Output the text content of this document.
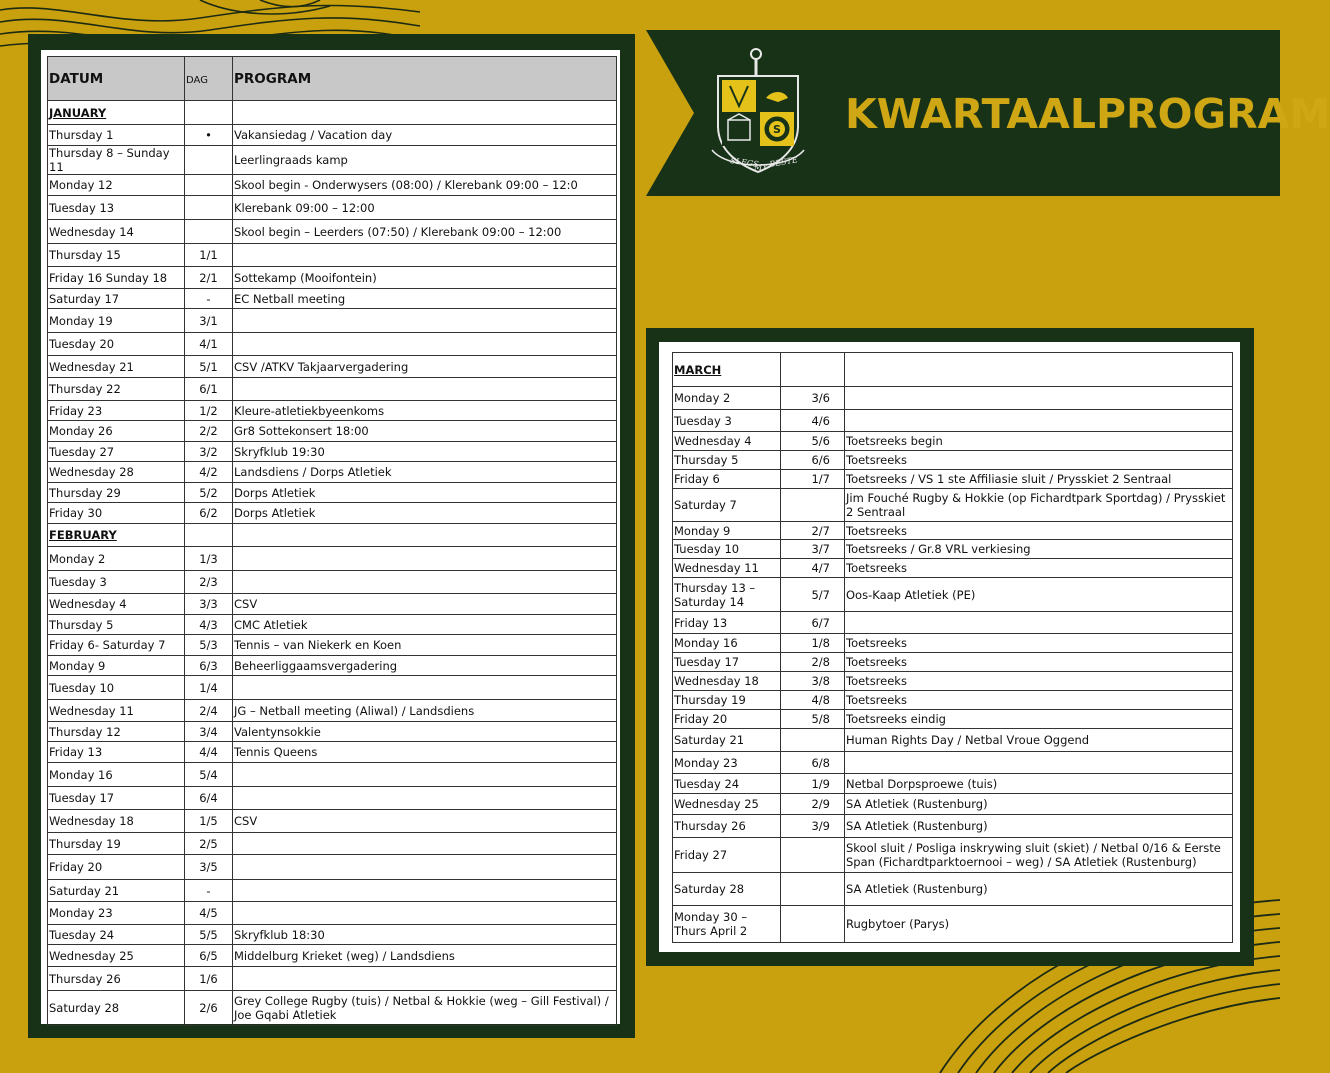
KWARTAALPROGRAM
S
SLEGS
MY BESTE
DATUM	DAG	PROGRAM
JANUARY		
Thursday 1	•	Vakansiedag / Vacation day
Thursday 8 – Sunday 11		Leerlingraads kamp
Monday 12		Skool begin - Onderwysers (08:00) / Klerebank 09:00 – 12:0
Tuesday 13		Klerebank 09:00 – 12:00
Wednesday 14		Skool begin – Leerders (07:50) / Klerebank 09:00 – 12:00
Thursday 15	1/1	
Friday 16 Sunday 18	2/1	Sottekamp (Mooifontein)
Saturday 17	-	EC Netball meeting
Monday 19	3/1	
Tuesday 20	4/1	
Wednesday 21	5/1	CSV /ATKV Takjaarvergadering
Thursday 22	6/1	
Friday 23	1/2	Kleure-atletiekbyeenkoms
Monday 26	2/2	Gr8 Sottekonsert 18:00
Tuesday 27	3/2	Skryfklub 19:30
Wednesday 28	4/2	Landsdiens / Dorps Atletiek
Thursday 29	5/2	Dorps Atletiek
Friday 30	6/2	Dorps Atletiek
FEBRUARY		
Monday 2	1/3	
Tuesday 3	2/3	
Wednesday 4	3/3	CSV
Thursday 5	4/3	CMC Atletiek
Friday 6- Saturday 7	5/3	Tennis – van Niekerk en Koen
Monday 9	6/3	Beheerliggaamsvergadering
Tuesday 10	1/4	
Wednesday 11	2/4	JG – Netball meeting (Aliwal) / Landsdiens
Thursday 12	3/4	Valentynsokkie
Friday 13	4/4	Tennis Queens
Monday 16	5/4	
Tuesday 17	6/4	
Wednesday 18	1/5	CSV
Thursday 19	2/5	
Friday 20	3/5	
Saturday 21	-	
Monday 23	4/5	
Tuesday 24	5/5	Skryfklub 18:30
Wednesday 25	6/5	Middelburg Krieket (weg) / Landsdiens
Thursday 26	1/6	
Saturday 28	2/6	Grey College Rugby (tuis) / Netbal & Hokkie (weg – Gill Festival) / Joe Gqabi Atletiek
MARCH		
Monday 2	3/6	
Tuesday 3	4/6	
Wednesday 4	5/6	Toetsreeks begin
Thursday 5	6/6	Toetsreeks
Friday 6	1/7	Toetsreeks / VS 1 ste Affiliasie sluit / Prysskiet 2 Sentraal
Saturday 7		Jim Fouché Rugby & Hokkie (op Fichardtpark Sportdag) / Prysskiet 2 Sentraal
Monday 9	2/7	Toetsreeks
Tuesday 10	3/7	Toetsreeks / Gr.8 VRL verkiesing
Wednesday 11	4/7	Toetsreeks
Thursday 13 – Saturday 14	5/7	Oos-Kaap Atletiek (PE)
Friday 13	6/7	
Monday 16	1/8	Toetsreeks
Tuesday 17	2/8	Toetsreeks
Wednesday 18	3/8	Toetsreeks
Thursday 19	4/8	Toetsreeks
Friday 20	5/8	Toetsreeks eindig
Saturday 21		Human Rights Day / Netbal Vroue Oggend
Monday 23	6/8	
Tuesday 24	1/9	Netbal Dorpsproewe (tuis)
Wednesday 25	2/9	SA Atletiek (Rustenburg)
Thursday 26	3/9	SA Atletiek (Rustenburg)
Friday 27		Skool sluit / Posliga inskrywing sluit (skiet) / Netbal 0/16 & Eerste Span (Fichardtparktoernooi – weg) / SA Atletiek (Rustenburg)
Saturday 28		SA Atletiek (Rustenburg)
Monday 30 – Thurs April 2		Rugbytoer (Parys)
